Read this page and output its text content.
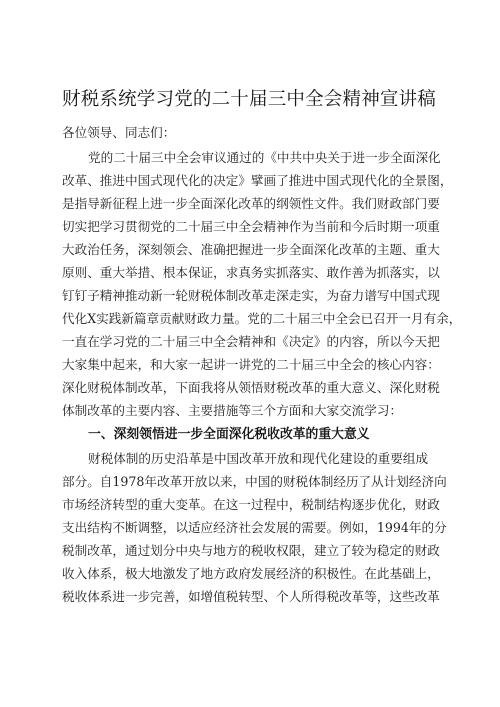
财税系统学习党的二十届三中全会精神宣讲稿
各位领导、同志们：
党的二十届三中全会审议通过的《中共中央关于进一步全面深化
改革、推进中国式现代化的决定》擘画了推进中国式现代化的全景图，
是指导新征程上进一步全面深化改革的纲领性文件。我们财政部门要
切实把学习贯彻党的二十届三中全会精神作为当前和今后时期一项重
大政治任务，深刻领会、准确把握进一步全面深化改革的主题、重大
原则、重大举措、根本保证，求真务实抓落实、敢作善为抓落实，以
钉钉子精神推动新一轮财税体制改革走深走实，为奋力谱写中国式现
代化X实践新篇章贡献财政力量。党的二十届三中全会已召开一月有余，
一直在学习党的二十届三中全会精神和《决定》的内容，所以今天把
大家集中起来，和大家一起讲一讲党的二十届三中全会的核心内容：
深化财税体制改革，下面我将从领悟财税改革的重大意义、深化财税
体制改革的主要内容、主要措施等三个方面和大家交流学习：
一、深刻领悟进一步全面深化税收改革的重大意义
财税体制的历史沿革是中国改革开放和现代化建设的重要组成
部分。自1978年改革开放以来，中国的财税体制经历了从计划经济向
市场经济转型的重大变革。在这一过程中，税制结构逐步优化，财政
支出结构不断调整，以适应经济社会发展的需要。例如，1994年的分
税制改革，通过划分中央与地方的税收权限，建立了较为稳定的财政
收入体系，极大地激发了地方政府发展经济的积极性。在此基础上，
税收体系进一步完善，如增值税转型、个人所得税改革等，这些改革
